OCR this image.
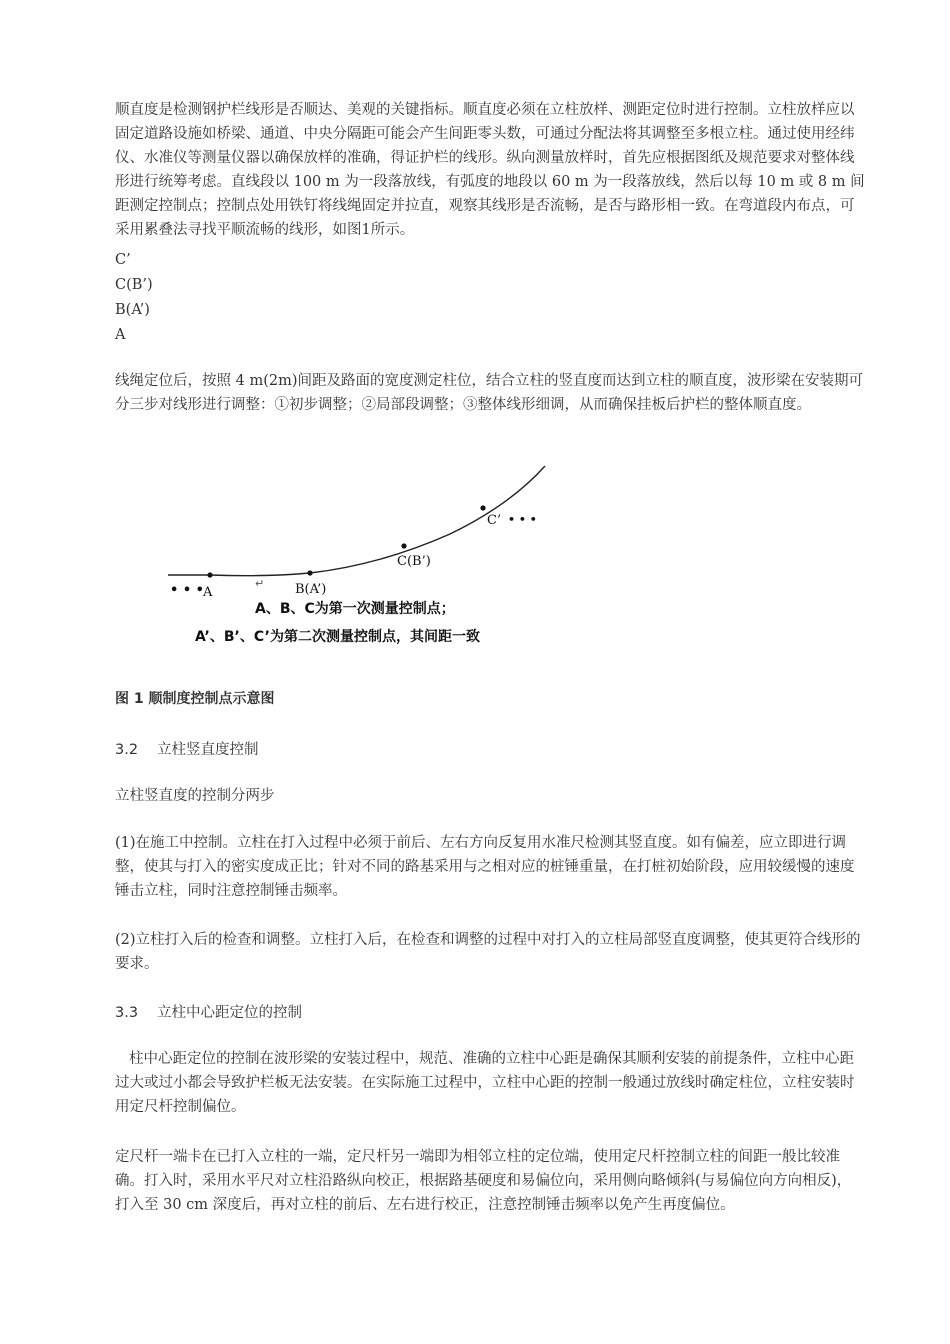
顺直度是检测钢护栏线形是否顺达、美观的关键指标。顺直度必须在立柱放样、测距定位时进行控制。立柱放样应以固定道路设施如桥梁、通道、中央分隔距可能会产生间距零头数，可通过分配法将其调整至多根立柱。通过使用经纬仪、水准仪等测量仪器以确保放样的准确，得证护栏的线形。纵向测量放样时，首先应根据图纸及规范要求对整体线形进行统筹考虑。直线段以 100 m 为一段落放线，有弧度的地段以 60 m 为一段落放线，然后以每 10 m 或 8 m 间距测定控制点；控制点处用铁钉将线绳固定并拉直，观察其线形是否流畅，是否与路形相一致。在弯道段内布点，可采用累叠法寻找平顺流畅的线形，如图1所示。

C’
C(B’)
B(A’)
A

线绳定位后，按照 4 m(2m)间距及路面的宽度测定柱位，结合立柱的竖直度而达到立柱的顺直度，波形梁在安装期可分三步对线形进行调整：①初步调整；②局部段调整；③整体线形细调，从而确保挂板后护栏的整体顺直度。

图 1 顺制度控制点示意图
3.2 立柱竖直度控制
立柱竖直度的控制分两步
(1)在施工中控制。立柱在打入过程中必须于前后、左右方向反复用水准尺检测其竖直度。如有偏差，应立即进行调整，使其与打入的密实度成正比；针对不同的路基采用与之相对应的桩锤重量，在打桩初始阶段，应用较缓慢的速度锤击立柱，同时注意控制锤击频率。
(2)立柱打入后的检查和调整。立柱打入后，在检查和调整的过程中对打入的立柱局部竖直度调整，使其更符合线形的要求。
3.3 立柱中心距定位的控制
柱中心距定位的控制在波形梁的安装过程中，规范、准确的立柱中心距是确保其顺利安装的前提条件，立柱中心距过大或过小都会导致护栏板无法安装。在实际施工过程中，立柱中心距的控制一般通过放线时确定柱位，立柱安装时用定尺杆控制偏位。
定尺杆一端卡在已打入立柱的一端，定尺杆另一端即为相邻立柱的定位端，使用定尺杆控制立柱的间距一般比较准确。打入时，采用水平尺对立柱沿路纵向校正，根据路基硬度和易偏位向，采用侧向略倾斜(与易偏位向方向相反)，打入至 30 cm 深度后，再对立柱的前后、左右进行校正，注意控制锤击频率以免产生再度偏位。
• • • A
↵ B(A’)
C(B’)
C’ • • •
A、B、C为第一次测量控制点；
A’、B’、C’为第二次测量控制点，其间距一致
